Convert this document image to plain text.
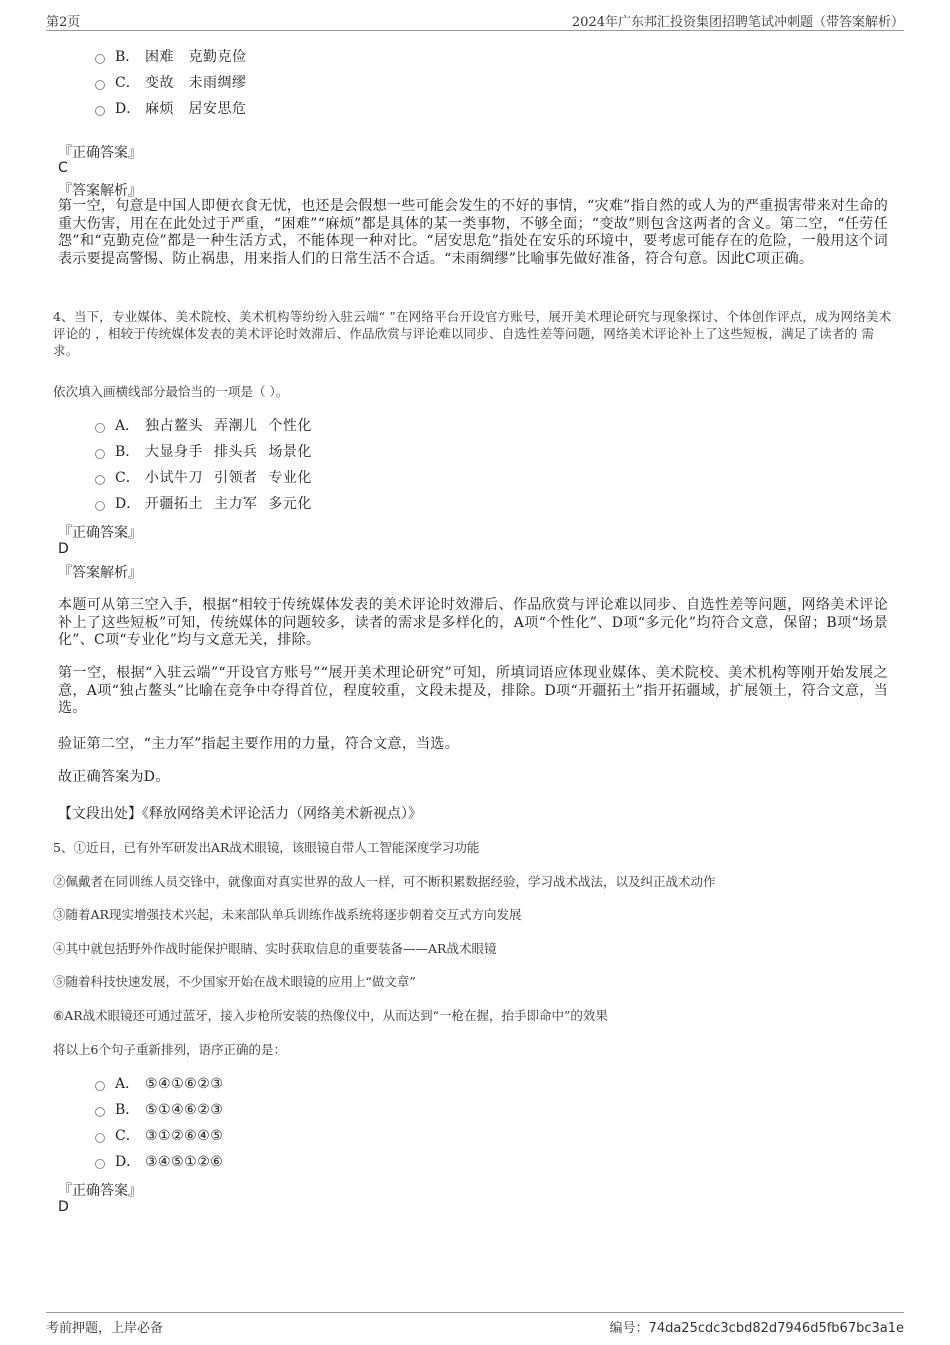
第2页	2024年广东邦汇投资集团招聘笔试冲刺题（带答案解析）
B． 困难　克勤克俭
C． 变故　未雨绸缪
D． 麻烦　居安思危
『正确答案』
C
『答案解析』
第一空，句意是中国人即便衣食无忧，也还是会假想一些可能会发生的不好的事情，“灾难”指自然的或人为的严重损害带来对生命的重大伤害，用在在此处过于严重，“困难”“麻烦”都是具体的某一类事物，不够全面；“变故”则包含这两者的含义。第二空，“任劳任怨”和“克勤克俭”都是一种生活方式，不能体现一种对比。“居安思危”指处在安乐的环境中，要考虑可能存在的危险，一般用这个词表示要提高警惕、防止祸患，用来指人们的日常生活不合适。“未雨绸缪”比喻事先做好准备，符合句意。因此C项正确。
4、当下，专业媒体、美术院校、美术机构等纷纷入驻云端“ ”在网络平台开设官方账号，展开美术理论研究与现象探讨、个体创作评点，成为网络美术评论的 ，相较于传统媒体发表的美术评论时效滞后、作品欣赏与评论难以同步、自选性差等问题，网络美术评论补上了这些短板，满足了读者的 需求。
依次填入画横线部分最恰当的一项是（ ）。
A． 独占鳌头 弄潮儿 个性化
B． 大显身手 排头兵 场景化
C． 小试牛刀 引领者 专业化
D． 开疆拓土 主力军 多元化
『正确答案』
D
『答案解析』
本题可从第三空入手，根据“相较于传统媒体发表的美术评论时效滞后、作品欣赏与评论难以同步、自选性差等问题，网络美术评论补上了这些短板”可知，传统媒体的问题较多，读者的需求是多样化的，A项“个性化”、D项“多元化”均符合文意，保留；B项“场景化”、C项“专业化”均与文意无关，排除。
第一空，根据“入驻云端”“开设官方账号”“展开美术理论研究”可知，所填词语应体现业媒体、美术院校、美术机构等刚开始发展之意，A项“独占鳌头”比喻在竞争中夺得首位，程度较重，文段未提及，排除。D项“开疆拓土”指开拓疆域，扩展领土，符合文意，当选。
验证第二空，“主力军”指起主要作用的力量，符合文意，当选。
故正确答案为D。
【文段出处】《释放网络美术评论活力（网络美术新视点）》
5、①近日，已有外军研发出AR战术眼镜，该眼镜自带人工智能深度学习功能
②佩戴者在同训练人员交锋中，就像面对真实世界的敌人一样，可不断积累数据经验，学习战术战法，以及纠正战术动作
③随着AR现实增强技术兴起，未来部队单兵训练作战系统将逐步朝着交互式方向发展
④其中就包括野外作战时能保护眼睛、实时获取信息的重要装备——AR战术眼镜
⑤随着科技快速发展，不少国家开始在战术眼镜的应用上“做文章”
⑥AR战术眼镜还可通过蓝牙，接入步枪所安装的热像仪中，从而达到“一枪在握，抬手即命中”的效果
将以上6个句子重新排列，语序正确的是：
A． ⑤④①⑥②③
B． ⑤①④⑥②③
C． ③①②⑥④⑤
D． ③④⑤①②⑥
『正确答案』
D
考前押题，上岸必备	编号：74da25cdc3cbd82d7946d5fb67bc3a1e
